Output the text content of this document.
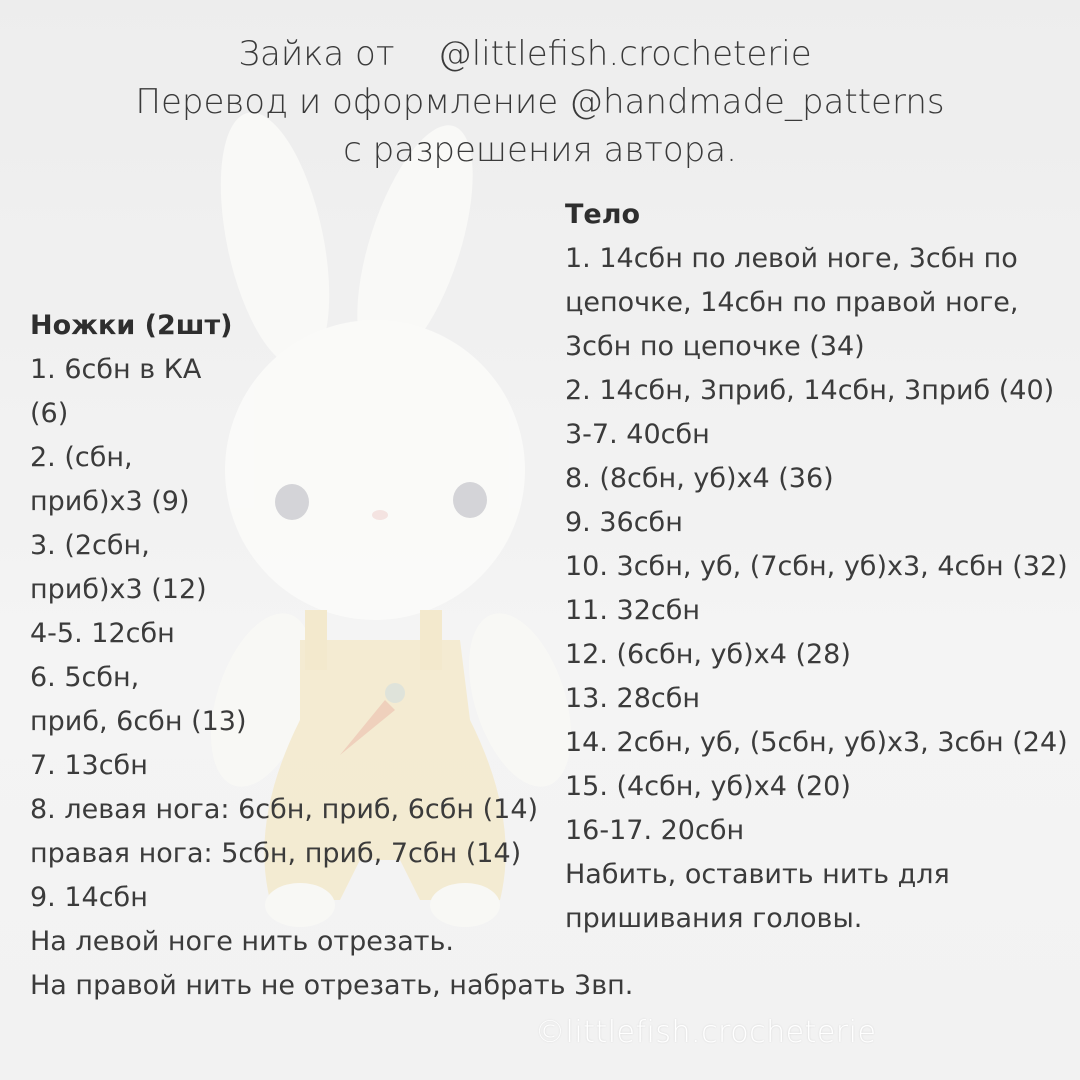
Зайка от    @littlefish.crocheterie
Перевод и оформление @handmade_patterns
с разрешения автора.
Ножки (2шт)
1. 6сбн в КА
(6)
2. (сбн,
приб)х3 (9)
3. (2сбн,
приб)х3 (12)
4-5. 12сбн
6. 5сбн,
приб, 6сбн (13)
7. 13сбн
8. левая нога: 6сбн, приб, 6сбн (14)
правая нога: 5сбн, приб, 7сбн (14)
9. 14сбн
На левой ноге нить отрезать.
На правой нить не отрезать, набрать 3вп.
Тело
1. 14сбн по левой ноге, 3сбн по
цепочке, 14сбн по правой ноге,
3сбн по цепочке (34)
2. 14сбн, 3приб, 14сбн, 3приб (40)
3-7. 40сбн
8. (8сбн, уб)х4 (36)
9. 36сбн
10. 3сбн, уб, (7сбн, уб)х3, 4сбн (32)
11. 32сбн
12. (6сбн, уб)х4 (28)
13. 28сбн
14. 2сбн, уб, (5сбн, уб)х3, 3сбн (24)
15. (4сбн, уб)х4 (20)
16-17. 20сбн
Набить, оставить нить для
пришивания головы.
©littlefish.crocheterie
